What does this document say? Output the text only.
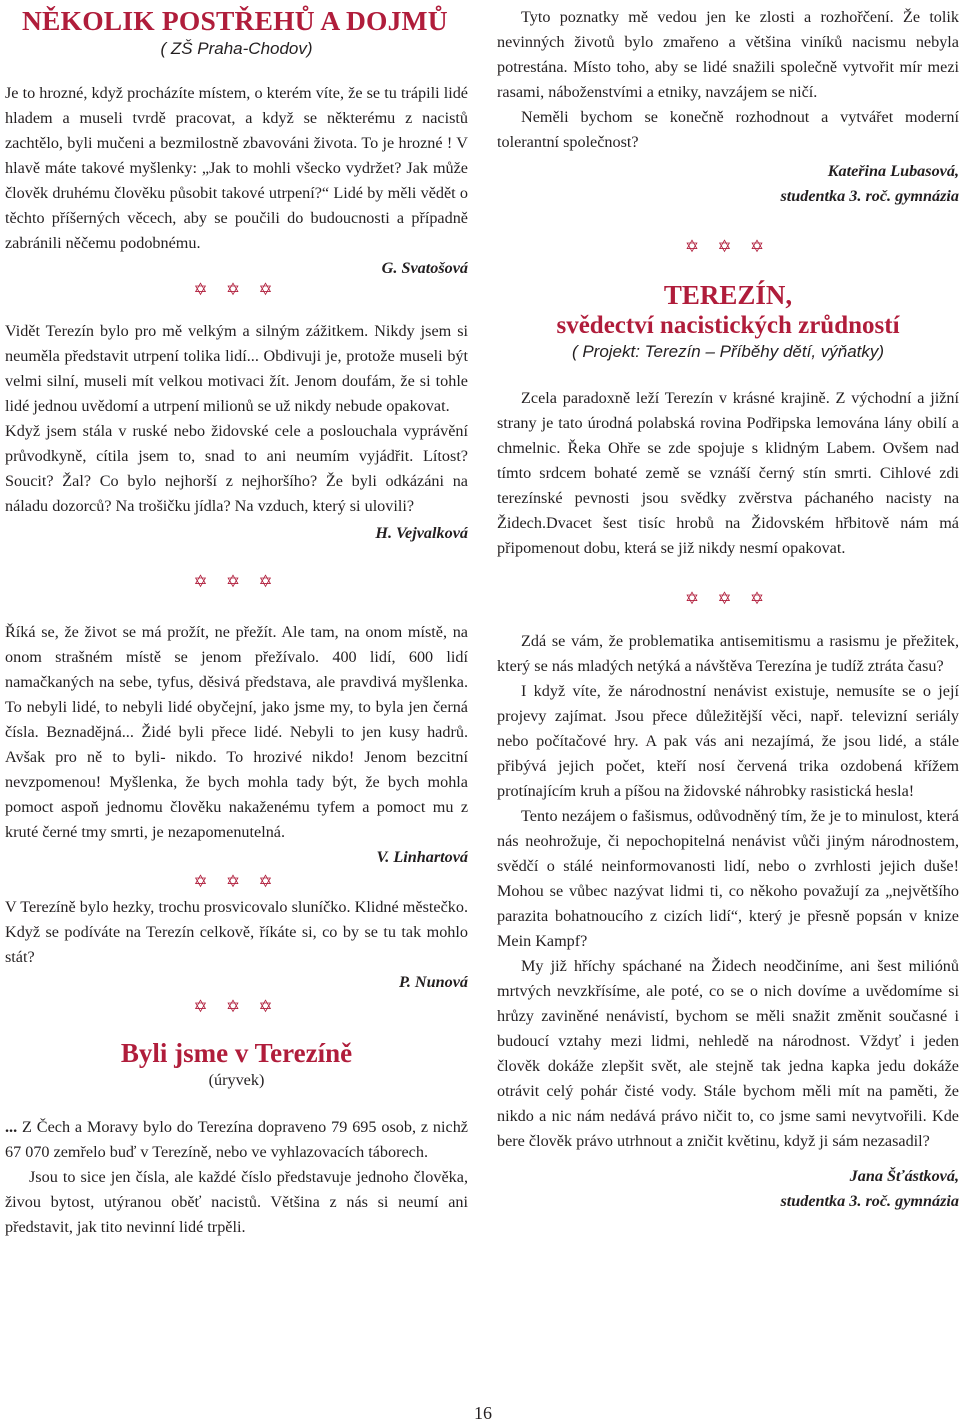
NĚKOLIK POSTŘEHŮ A DOJMŮ

( ZŠ Praha-Chodov)

Je to hrozné, když procházíte místem, o kterém víte, že se tu trápili lidé hladem a museli tvrdě pracovat, a když se některému z nacistů zachtělo, byli mučeni a bezmilostně zbavováni života. To je hrozné ! V hlavě máte takové myšlenky: „Jak to mohli všecko vydržet? Jak může člověk druhému člověku působit takové utrpení?“ Lidé by měli vědět o těchto příšerných věcech, aby se poučili do budoucnosti a případně zabránili něčemu podobnému.

G. Svatošová

✡ ✡ ✡

Vidět Terezín bylo pro mě velkým a silným zážitkem. Nikdy jsem si neuměla představit utrpení tolika lidí... Obdivuji je, protože museli být velmi silní, museli mít velkou motivaci žít. Jenom doufám, že si tohle lidé jednou uvědomí a utrpení milionů se už nikdy nebude opakovat.

Když jsem stála v ruské nebo židovské cele a poslouchala vyprávění průvodkyně, cítila jsem to, snad to ani neumím vyjádřit. Lítost? Soucit? Žal? Co bylo nejhorší z nejhoršího? Že byli odkázáni na náladu dozorců? Na trošičku jídla? Na vzduch, který si ulovili?

H. Vejvalková

✡ ✡ ✡

Říká se, že život se má prožít, ne přežít. Ale tam, na onom místě, na onom strašném místě se jenom přežívalo. 400 lidí, 600 lidí namačkaných na sebe, tyfus, děsivá představa, ale pravdivá myšlenka. To nebyli lidé, to nebyli lidé obyčejní, jako jsme my, to byla jen černá čísla. Beznadějná... Židé byli přece lidé. Nebyli to jen kusy hadrů. Avšak pro ně to byli- nikdo. To hrozivé nikdo! Jenom bezcitní nevzpomenou! Myšlenka, že bych mohla tady být, že bych mohla pomoct aspoň jednomu člověku nakaženému tyfem a pomoct mu z kruté černé tmy smrti, je nezapomenutelná.

V. Linhartová

✡ ✡ ✡

V Terezíně bylo hezky, trochu prosvicovalo sluníčko. Klidné městečko. Když se podíváte na Terezín celkově, říkáte si, co by se tu tak mohlo stát?

P. Nunová

✡ ✡ ✡

Byli jsme v Terezíně

(úryvek)

... Z Čech a Moravy bylo do Terezína dopraveno 79 695 osob, z nichž 67 070 zemřelo buď v Terezíně, nebo ve vyhlazovacích táborech.

Jsou to sice jen čísla, ale každé číslo představuje jednoho člověka, živou bytost, utýranou oběť nacistů. Většina z nás si neumí ani představit, jak tito nevinní lidé trpěli.

Tyto poznatky mě vedou jen ke zlosti a rozhořčení. Že tolik nevinných životů bylo zmařeno a většina viníků nacismu nebyla potrestána. Místo toho, aby se lidé snažili společně vytvořit mír mezi rasami, náboženstvími a etniky, navzájem se ničí.

Neměli bychom se konečně rozhodnout a vytvářet moderní tolerantní společnost?

Kateřina Lubasová,

studentka 3. roč. gymnázia

✡ ✡ ✡

TEREZÍN,

svědectví nacistických zrůdností

( Projekt: Terezín – Příběhy dětí, výňatky)

Zcela paradoxně leží Terezín v krásné krajině. Z východní a jižní strany je tato úrodná polabská rovina Podřipska lemována lány obilí a chmelnic. Řeka Ohře se zde spojuje s klidným Labem. Ovšem nad tímto srdcem bohaté země se vznáší černý stín smrti. Cihlové zdi terezínské pevnosti jsou svědky zvěrstva páchaného nacisty na Židech.Dvacet šest tisíc hrobů na Židovském hřbitově nám má připomenout dobu, která se již nikdy nesmí opakovat.

✡ ✡ ✡

Zdá se vám, že problematika antisemitismu a rasismu je přežitek, který se nás mladých netýká a návštěva Terezína je tudíž ztráta času?

I když víte, že národnostní nenávist existuje, nemusíte se o její projevy zajímat. Jsou přece důležitější věci, např. televizní seriály nebo počítačové hry. A pak vás ani nezajímá, že jsou lidé, a stále přibývá jejich počet, kteří nosí červená trika ozdobená křížem protínajícím kruh a píšou na židovské náhrobky rasistická hesla!

Tento nezájem o fašismus, odůvodněný tím, že je to minulost, která nás neohrožuje, či nepochopitelná nenávist vůči jiným národnostem, svědčí o stálé neinformovanosti lidí, nebo o zvrhlosti jejich duše! Mohou se vůbec nazývat lidmi ti, co někoho považují za „největšího parazita bohatnoucího z cizích lidí“, který je přesně popsán v knize Mein Kampf?

My již hříchy spáchané na Židech neodčiníme, ani šest miliónů mrtvých nevzkřísíme, ale poté, co se o nich dovíme a uvědomíme si hrůzy zaviněné nenávistí, bychom se měli snažit změnit současné i budoucí vztahy mezi lidmi, nehledě na národnost. Vždyť i jeden člověk dokáže zlepšit svět, ale stejně tak jedna kapka jedu dokáže otrávit celý pohár čisté vody. Stále bychom měli mít na paměti, že nikdo a nic nám nedává právo ničit to, co jsme sami nevytvořili. Kde bere člověk právo utrhnout a zničit květinu, když ji sám nezasadil?

Jana Šťástková,

studentka 3. roč. gymnázia

16
